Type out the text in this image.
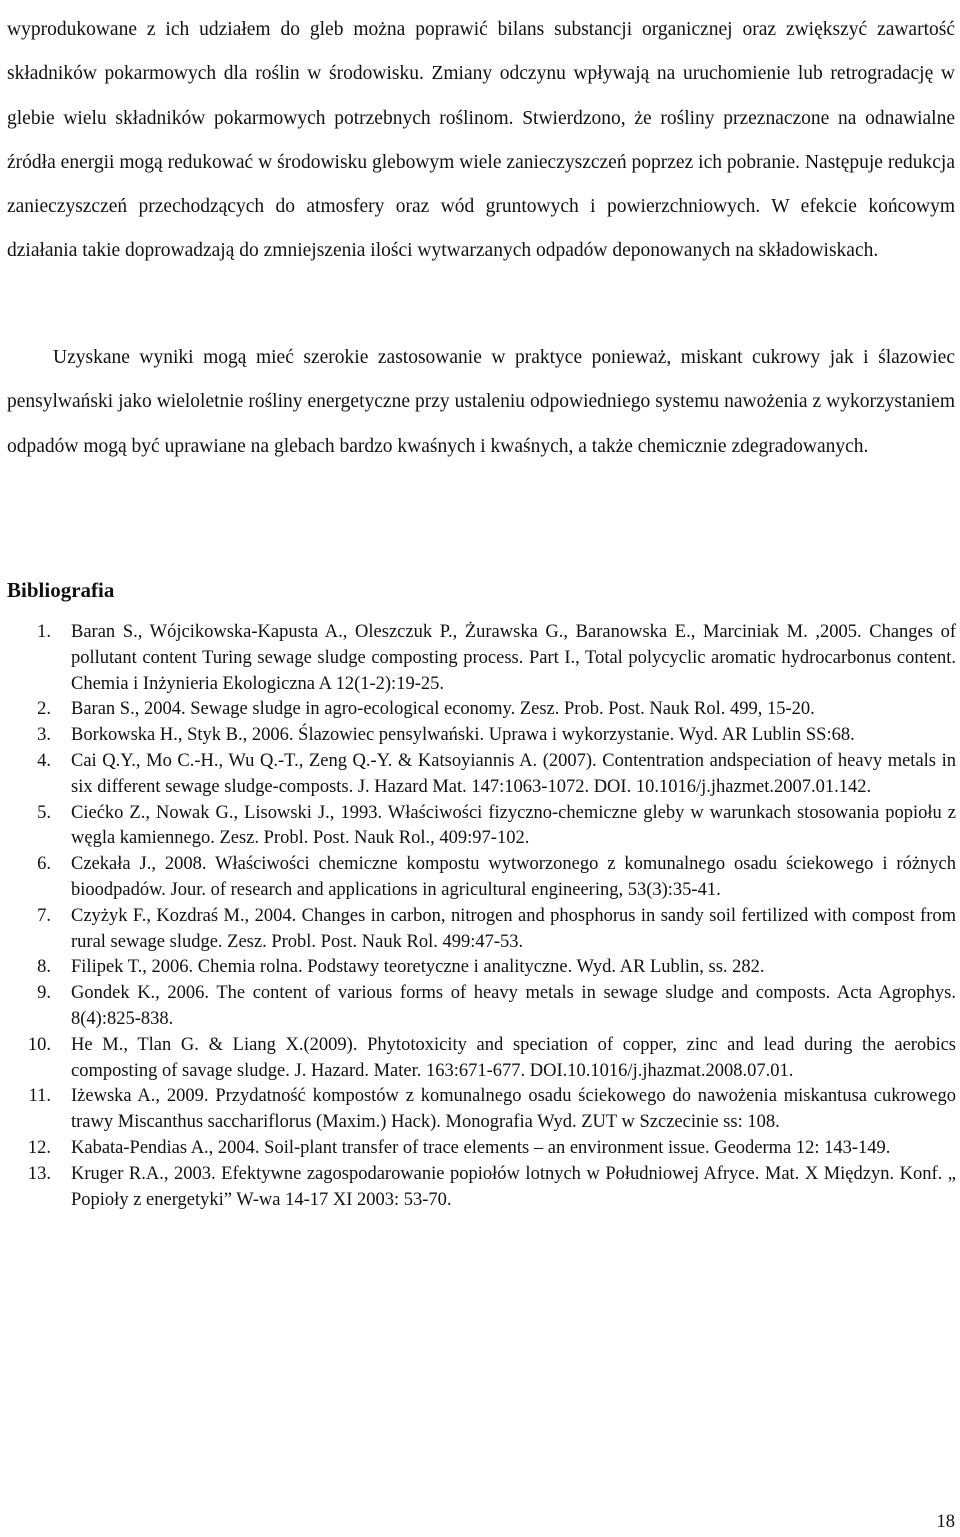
wyprodukowane z ich udziałem do gleb można poprawić bilans substancji organicznej oraz zwiększyć zawartość składników pokarmowych dla roślin w środowisku. Zmiany odczynu wpływają na uruchomienie lub retrogradację w glebie wielu składników pokarmowych potrzebnych roślinom. Stwierdzono, że rośliny przeznaczone na odnawialne źródła energii mogą redukować w środowisku glebowym wiele zanieczyszczeń poprzez ich pobranie. Następuje redukcja zanieczyszczeń przechodzących do atmosfery oraz wód gruntowych i powierzchniowych. W efekcie końcowym działania takie doprowadzają do zmniejszenia ilości wytwarzanych odpadów deponowanych na składowiskach.

Uzyskane wyniki mogą mieć szerokie zastosowanie w praktyce ponieważ, miskant cukrowy jak i ślazowiec pensylwański jako wieloletnie rośliny energetyczne przy ustaleniu odpowiedniego systemu nawożenia z wykorzystaniem odpadów mogą być uprawiane na glebach bardzo kwaśnych i kwaśnych, a także chemicznie zdegradowanych.

Bibliografia
1. Baran S., Wójcikowska-Kapusta A., Oleszczuk P., Żurawska G., Baranowska E., Marciniak M. ,2005. Changes of pollutant content Turing sewage sludge composting process. Part I., Total polycyclic aromatic hydrocarbonus content. Chemia i Inżynieria Ekologiczna A 12(1-2):19-25.
2. Baran S., 2004. Sewage sludge in agro-ecological economy. Zesz. Prob. Post. Nauk Rol. 499, 15-20.
3. Borkowska H., Styk B., 2006. Ślazowiec pensylwański. Uprawa i wykorzystanie. Wyd. AR Lublin SS:68.
4. Cai Q.Y., Mo C.-H., Wu Q.-T., Zeng Q.-Y. & Katsoyiannis A. (2007). Contentration andspeciation of heavy metals in six different sewage sludge-composts. J. Hazard Mat. 147:1063-1072. DOI. 10.1016/j.jhazmet.2007.01.142.
5. Ciećko Z., Nowak G., Lisowski J., 1993. Właściwości fizyczno-chemiczne gleby w warunkach stosowania popiołu z węgla kamiennego. Zesz. Probl. Post. Nauk Rol., 409:97-102.
6. Czekała J., 2008. Właściwości chemiczne kompostu wytworzonego z komunalnego osadu ściekowego i różnych bioodpadów. Jour. of research and applications in agricultural engineering, 53(3):35-41.
7. Czyżyk F., Kozdraś M., 2004. Changes in carbon, nitrogen and phosphorus in sandy soil fertilized with compost from rural sewage sludge. Zesz. Probl. Post. Nauk Rol. 499:47-53.
8. Filipek T., 2006. Chemia rolna. Podstawy teoretyczne i analityczne. Wyd. AR Lublin, ss. 282.
9. Gondek K., 2006. The content of various forms of heavy metals in sewage sludge and composts. Acta Agrophys. 8(4):825-838.
10. He M., Tlan G. & Liang X.(2009). Phytotoxicity and speciation of copper, zinc and lead during the aerobics composting of savage sludge. J. Hazard. Mater. 163:671-677. DOI.10.1016/j.jhazmat.2008.07.01.
11. Iżewska A., 2009. Przydatność kompostów z komunalnego osadu ściekowego do nawożenia miskantusa cukrowego trawy Miscanthus sacchariflorus (Maxim.) Hack). Monografia Wyd. ZUT w Szczecinie ss: 108.
12. Kabata-Pendias A., 2004. Soil-plant transfer of trace elements – an environment issue. Geoderma 12: 143-149.
13. Kruger R.A., 2003. Efektywne zagospodarowanie popiołów lotnych w Południowej Afryce. Mat. X Międzyn. Konf. „ Popioły z energetyki” W-wa 14-17 XI 2003: 53-70.
18
